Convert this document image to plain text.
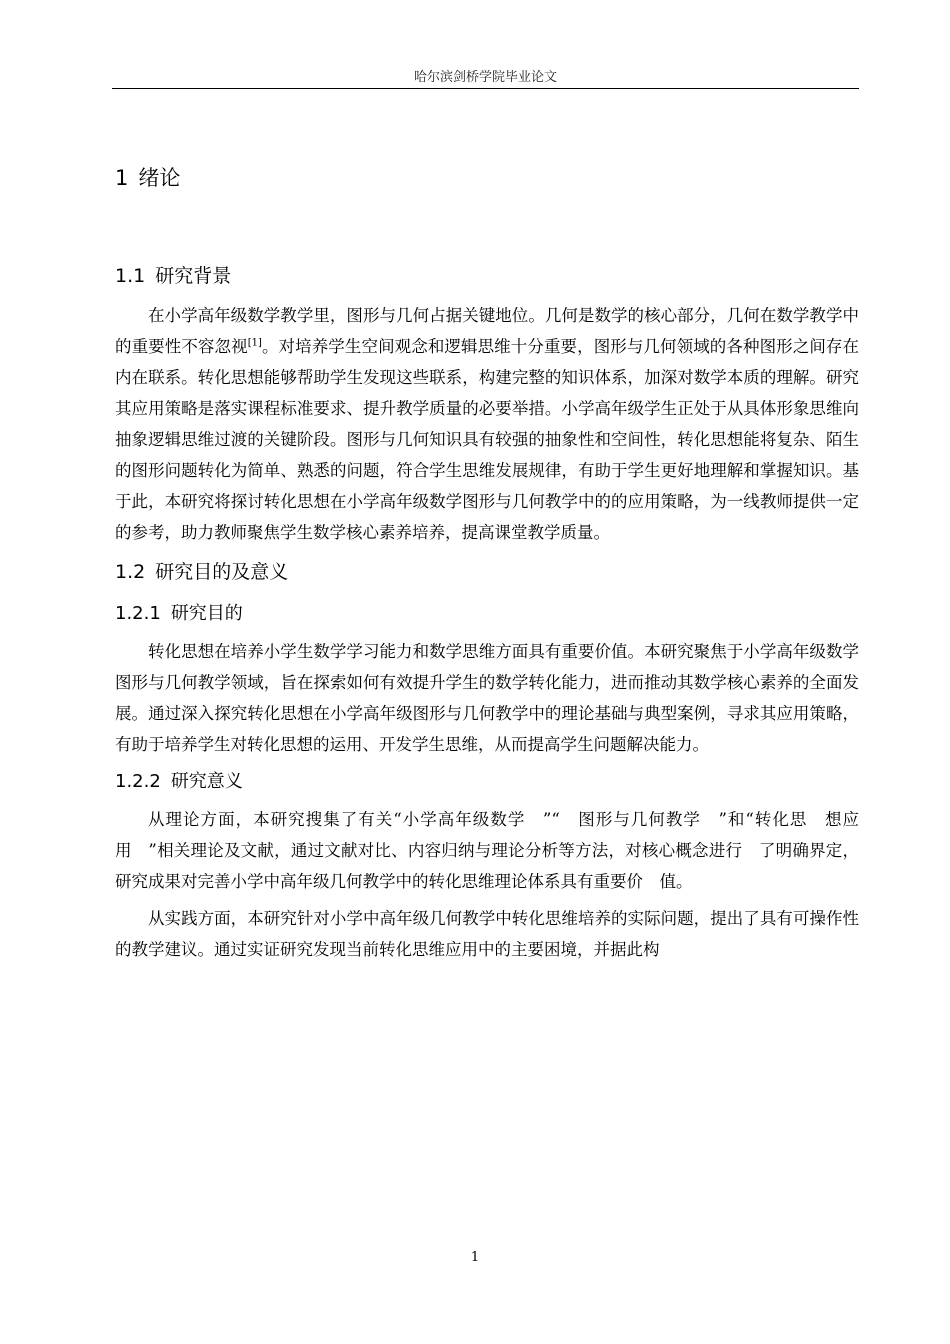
哈尔滨剑桥学院毕业论文
1 绪论
1.1 研究背景

在小学高年级数学教学里，图形与几何占据关键地位。几何是数学的核心部分，几何在数学教学中的重要性不容忽视[1]。对培养学生空间观念和逻辑思维十分重要，图形与几何领域的各种图形之间存在内在联系。转化思想能够帮助学生发现这些联系，构建完整的知识体系，加深对数学本质的理解。研究其应用策略是落实课程标准要求、提升教学质量的必要举措。小学高年级学生正处于从具体形象思维向抽象逻辑思维过渡的关键阶段。图形与几何知识具有较强的抽象性和空间性，转化思想能将复杂、陌生的图形问题转化为简单、熟悉的问题，符合学生思维发展规律，有助于学生更好地理解和掌握知识。基于此，本研究将探讨转化思想在小学高年级数学图形与几何教学中的的应用策略，为一线教师提供一定的参考，助力教师聚焦学生数学核心素养培养，提高课堂教学质量。

1.2 研究目的及意义
1.2.1 研究目的

转化思想在培养小学生数学学习能力和数学思维方面具有重要价值。本研究聚焦于小学高年级数学图形与几何教学领域，旨在探索如何有效提升学生的数学转化能力，进而推动其数学核心素养的全面发展。通过深入探究转化思想在小学高年级图形与几何教学中的理论基础与典型案例，寻求其应用策略，有助于培养学生对转化思想的运用、开发学生思维，从而提高学生问题解决能力。

1.2.2 研究意义

从理论方面，本研究搜集了有关“小学高年级数学　”“　图形与几何教学　”和“转化思　想应用　”相关理论及文献，通过文献对比、内容归纳与理论分析等方法，对核心概念进行　了明确界定，研究成果对完善小学中高年级几何教学中的转化思维理论体系具有重要价　值。

从实践方面，本研究针对小学中高年级几何教学中转化思维培养的实际问题，提出了具有可操作性的教学建议。通过实证研究发现当前转化思维应用中的主要困境，并据此构

1
